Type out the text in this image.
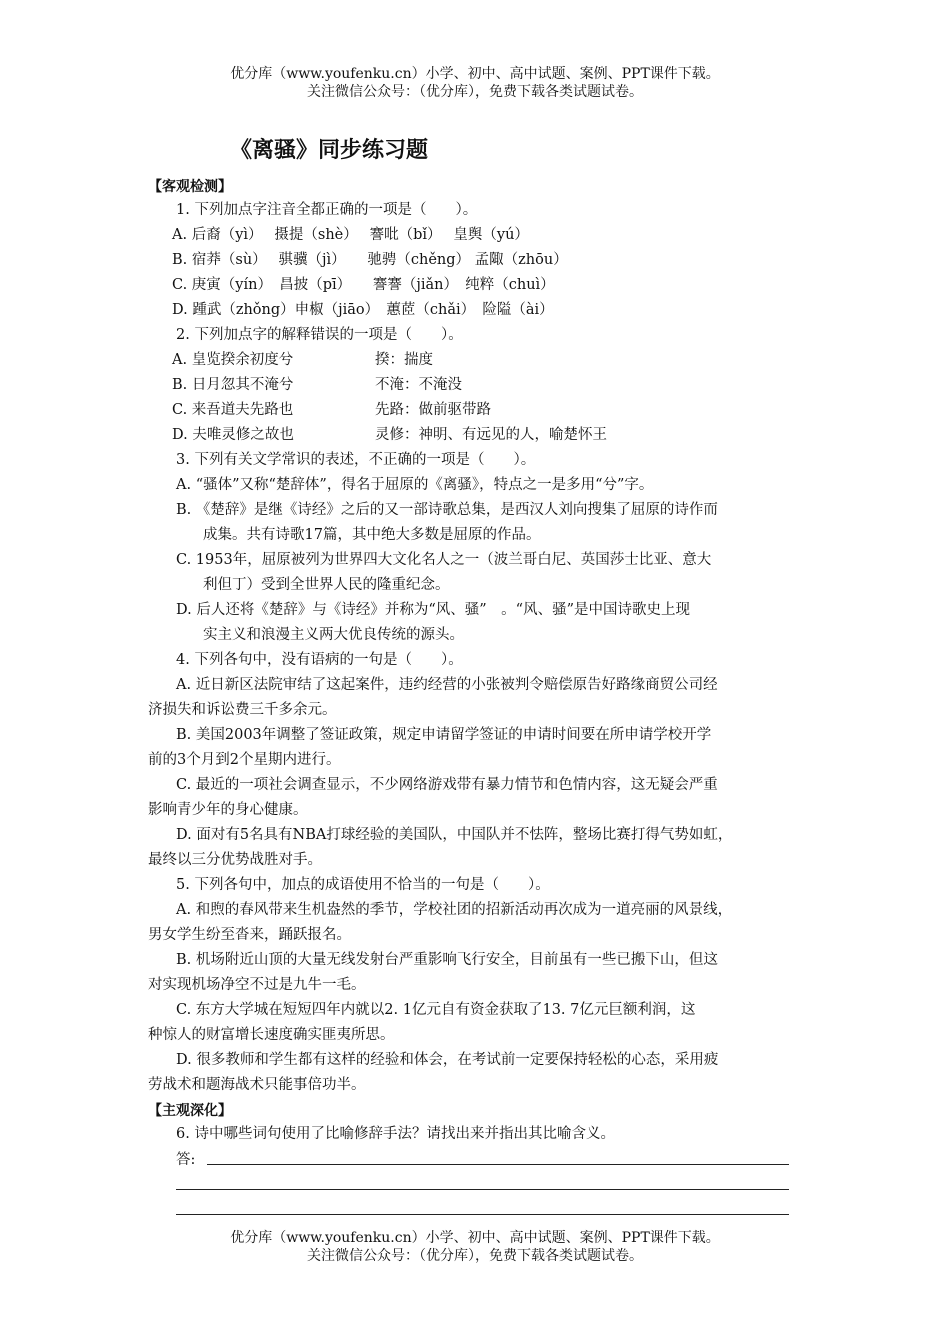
优分库（www.youfenku.cn）小学、初中、高中试题、案例、PPT课件下载。
关注微信公众号：（优分库），免费下载各类试题试卷。
《离骚》同步练习题
【客观检测】
1. 下列加点字注音全都正确的一项是（　　）。
A. 后裔（yì）　 摄提（shè）　 謇吡（bǐ）　 皇舆（yú）
B. 宿莽（sù）　 骐骥（jì）　　驰骋（chěng） 孟陬（zhōu）
C. 庚寅（yín）　昌披（pī）　　謇謇（jiǎn）　纯粹（chuì）
D. 踵武（zhǒng）申椒（jiāo）　蕙茝（chǎi）　险隘（ài）
2. 下列加点字的解释错误的一项是（　　）。
A. 皇览揆余初度兮	揆：揣度
B. 日月忽其不淹兮	不淹：不淹没
C. 来吾道夫先路也	先路：做前驱带路
D. 夫唯灵修之故也	灵修：神明、有远见的人，喻楚怀王
3. 下列有关文学常识的表述，不正确的一项是（　　）。
A. “骚体”又称“楚辞体”，得名于屈原的《离骚》，特点之一是多用“兮”字。
B. 《楚辞》是继《诗经》之后的又一部诗歌总集，是西汉人刘向搜集了屈原的诗作而
成集。共有诗歌17篇，其中绝大多数是屈原的作品。
C. 1953年，屈原被列为世界四大文化名人之一（波兰哥白尼、英国莎士比亚、意大
利但丁）受到全世界人民的隆重纪念。
D. 后人还将《楚辞》与《诗经》并称为“风、骚”　。“风、骚”是中国诗歌史上现
实主义和浪漫主义两大优良传统的源头。
4. 下列各句中，没有语病的一句是（　　）。
A. 近日新区法院审结了这起案件，违约经营的小张被判令赔偿原告好路缘商贸公司经
济损失和诉讼费三千多余元。
B. 美国2003年调整了签证政策，规定申请留学签证的申请时间要在所申请学校开学
前的3个月到2个星期内进行。
C. 最近的一项社会调查显示，不少网络游戏带有暴力情节和色情内容，这无疑会严重
影响青少年的身心健康。
D. 面对有5名具有NBA打球经验的美国队，中国队并不怯阵，整场比赛打得气势如虹，
最终以三分优势战胜对手。
5. 下列各句中，加点的成语使用不恰当的一句是（　　）。
A. 和煦的春风带来生机盎然的季节，学校社团的招新活动再次成为一道亮丽的风景线，
男女学生纷至沓来，踊跃报名。
B. 机场附近山顶的大量无线发射台严重影响飞行安全，目前虽有一些已搬下山，但这
对实现机场净空不过是九牛一毛。
C. 东方大学城在短短四年内就以2. 1亿元自有资金获取了13. 7亿元巨额利润，这
种惊人的财富增长速度确实匪夷所思。
D. 很多教师和学生都有这样的经验和体会，在考试前一定要保持轻松的心态，采用疲
劳战术和题海战术只能事倍功半。
【主观深化】
6. 诗中哪些词句使用了比喻修辞手法？请找出来并指出其比喻含义。
答:
优分库（www.youfenku.cn）小学、初中、高中试题、案例、PPT课件下载。
关注微信公众号：（优分库），免费下载各类试题试卷。
